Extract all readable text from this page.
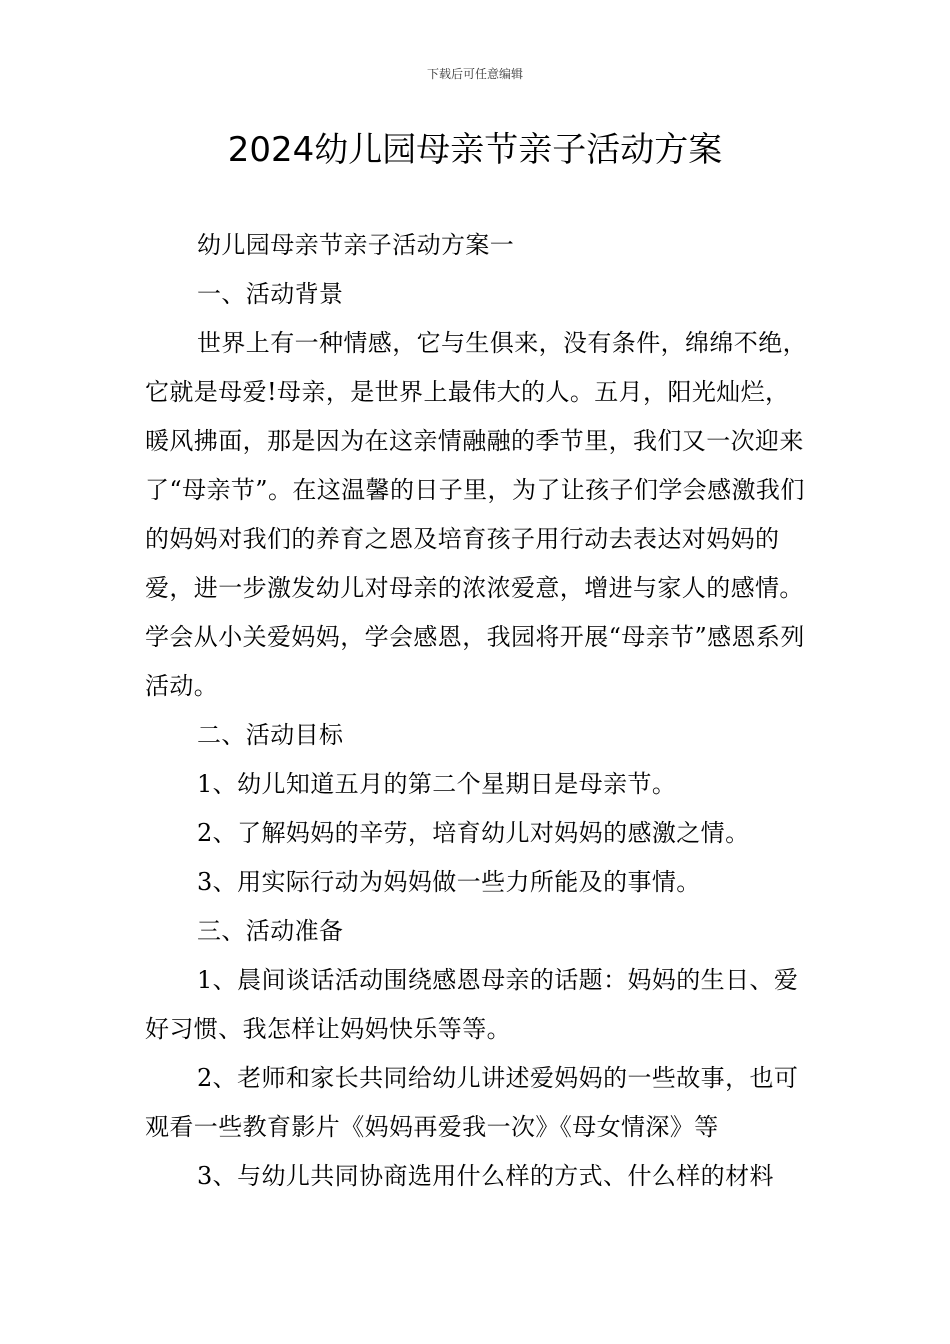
下载后可任意编辑
2024幼儿园母亲节亲子活动方案

幼儿园母亲节亲子活动方案一

一、活动背景

世界上有一种情感，它与生俱来，没有条件，绵绵不绝，它就是母爱!母亲，是世界上最伟大的人。五月，阳光灿烂，暖风拂面，那是因为在这亲情融融的季节里，我们又一次迎来了“母亲节”。在这温馨的日子里，为了让孩子们学会感激我们的妈妈对我们的养育之恩及培育孩子用行动去表达对妈妈的爱，进一步激发幼儿对母亲的浓浓爱意，增进与家人的感情。学会从小关爱妈妈，学会感恩，我园将开展“母亲节”感恩系列活动。

二、活动目标

1、幼儿知道五月的第二个星期日是母亲节。

2、了解妈妈的辛劳，培育幼儿对妈妈的感激之情。

3、用实际行动为妈妈做一些力所能及的事情。

三、活动准备

1、晨间谈话活动围绕感恩母亲的话题：妈妈的生日、爱好习惯、我怎样让妈妈快乐等等。

2、老师和家长共同给幼儿讲述爱妈妈的一些故事，也可观看一些教育影片《妈妈再爱我一次》《母女情深》等

3、与幼儿共同协商选用什么样的方式、什么样的材料
